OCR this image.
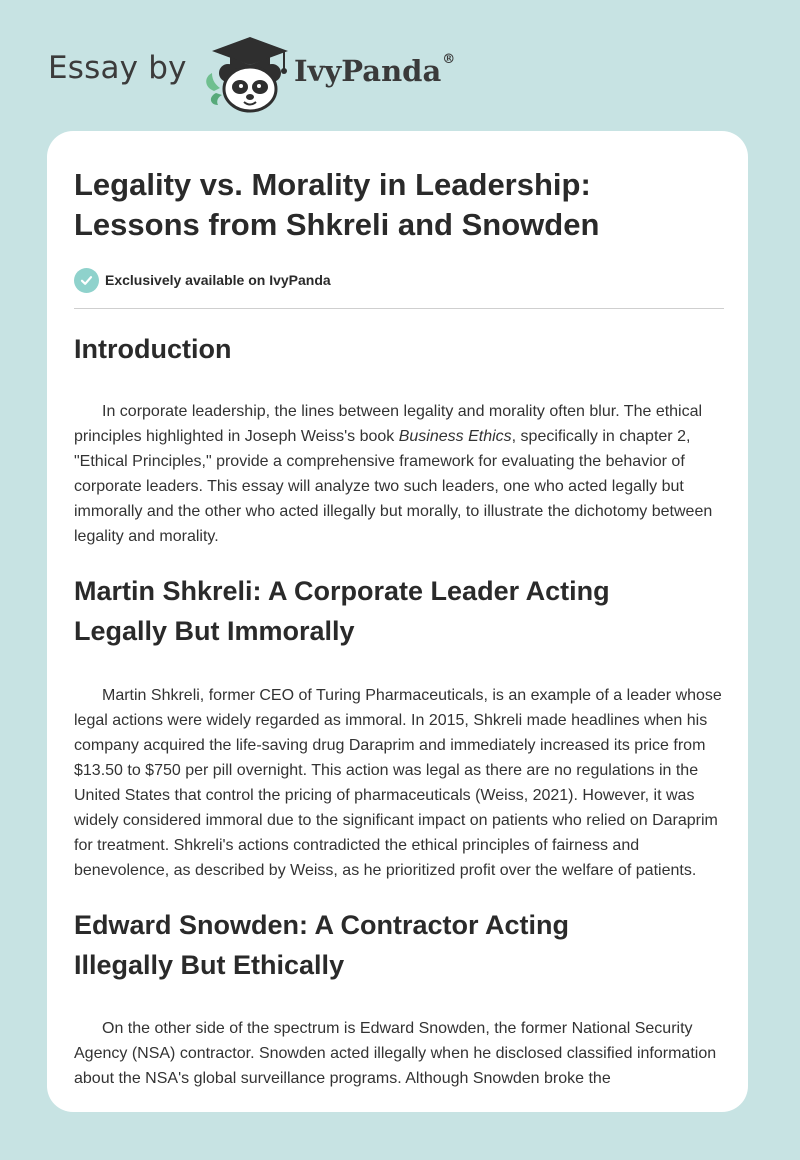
Essay by	IvyPanda®
Legality vs. Morality in Leadership:
Lessons from Shkreli and Snowden
Exclusively available on IvyPanda
Introduction

In corporate leadership, the lines between legality and morality often blur. The ethical principles highlighted in Joseph Weiss's book Business Ethics, specifically in chapter 2, "Ethical Principles," provide a comprehensive framework for evaluating the behavior of corporate leaders. This essay will analyze two such leaders, one who acted legally but immorally and the other who acted illegally but morally, to illustrate the dichotomy between legality and morality.

Martin Shkreli: A Corporate Leader Acting
Legally But Immorally

Martin Shkreli, former CEO of Turing Pharmaceuticals, is an example of a leader whose legal actions were widely regarded as immoral. In 2015, Shkreli made headlines when his company acquired the life-saving drug Daraprim and immediately increased its price from $13.50 to $750 per pill overnight. This action was legal as there are no regulations in the United States that control the pricing of pharmaceuticals (Weiss, 2021). However, it was widely considered immoral due to the significant impact on patients who relied on Daraprim for treatment. Shkreli's actions contradicted the ethical principles of fairness and benevolence, as described by Weiss, as he prioritized profit over the welfare of patients.

Edward Snowden: A Contractor Acting
Illegally But Ethically

On the other side of the spectrum is Edward Snowden, the former National Security Agency (NSA) contractor. Snowden acted illegally when he disclosed classified information about the NSA's global surveillance programs. Although Snowden broke the
